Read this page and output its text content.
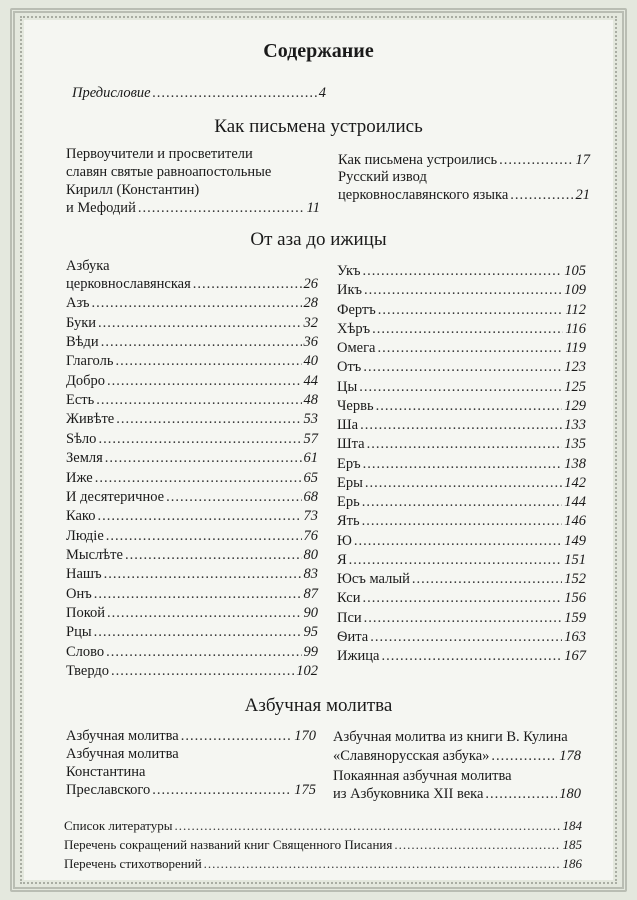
Содержание
Предисловие .....	4
Как письмена устроились
Первоучители и просветители
славян святые равноапостольные
Кирилл (Константин)
и Мефодий .....	11
Как письмена устроились .....	17
Русский извод
церковнославянского языка .....	21
От аза до ижицы
Азбука
церковнославянская .....	26
Азъ .....	28
Буки .....	32
Вѣди .....	36
Глаголь .....	40
Добро .....	44
Есть .....	48
Живѣте .....	53
Ѕѣло .....	57
Земля .....	61
Иже .....	65
И десятеричное .....	68
Како .....	73
Людіе .....	76
Мыслѣте .....	80
Нашъ .....	83
Онъ .....	87
Покой .....	90
Рцы .....	95
Слово .....	99
Твердо .....	102
Укъ .....	105
Икъ .....	109
Фертъ .....	112
Хѣръ .....	116
Омега .....	119
Отъ .....	123
Цы .....	125
Червь .....	129
Ша .....	133
Шта .....	135
Еръ .....	138
Еры .....	142
Ерь .....	144
Ять .....	146
Ю .....	149
Я .....	151
Юсъ малый .....	152
Кси .....	156
Пси .....	159
Ѳита .....	163
Ижица .....	167
Азбучная молитва
Азбучная молитва .....	170
Азбучная молитва
Константина
Преславского .....	175
Азбучная молитва из книги В. Кулина
«Славянорусская азбука» .....	178
Покаянная азбучная молитва
из Азбуковника XII века .....	180
Список литературы .....	184
Перечень сокращений названий книг Священного Писания .....	185
Перечень стихотворений .....	186
